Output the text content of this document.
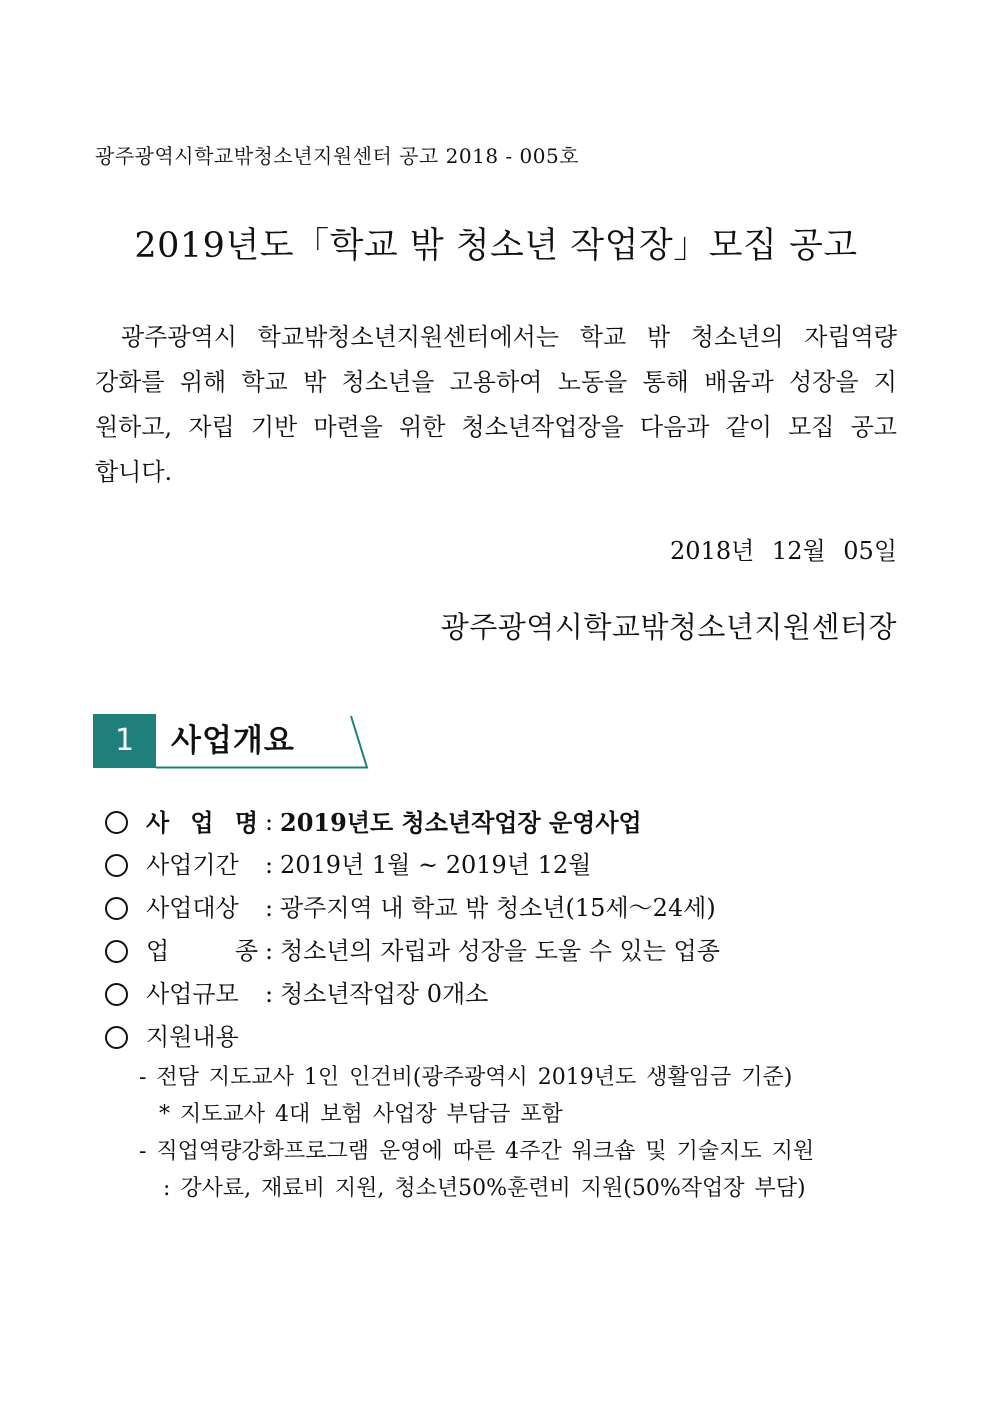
광주광역시학교밖청소년지원센터 공고 2018 - 005호
2019년도「학교 밖 청소년 작업장」모집 공고
광주광역시 학교밖청소년지원센터에서는 학교 밖 청소년의 자립역량 강화를 위해 학교 밖 청소년을 고용하여 노동을 통해 배움과 성장을 지원하고, 자립 기반 마련을 위한 청소년작업장을 다음과 같이 모집 공고합니다.
2018년 12월 05일
광주광역시학교밖청소년지원센터장
1	사업개요
사 업 명 : 2019년도 청소년작업장 운영사업
사업기간	: 2019년 1월 ~ 2019년 12월
사업대상	: 광주지역 내 학교 밖 청소년(15세～24세)
업 종 : 청소년의 자립과 성장을 도울 수 있는 업종
사업규모	: 청소년작업장 0개소
지원내용
- 전담 지도교사 1인 인건비(광주광역시 2019년도 생활임금 기준)
* 지도교사 4대 보험 사업장 부담금 포함
- 직업역량강화프로그램 운영에 따른 4주간 워크숍 및 기술지도 지원
: 강사료, 재료비 지원, 청소년50%훈련비 지원(50%작업장 부담)
